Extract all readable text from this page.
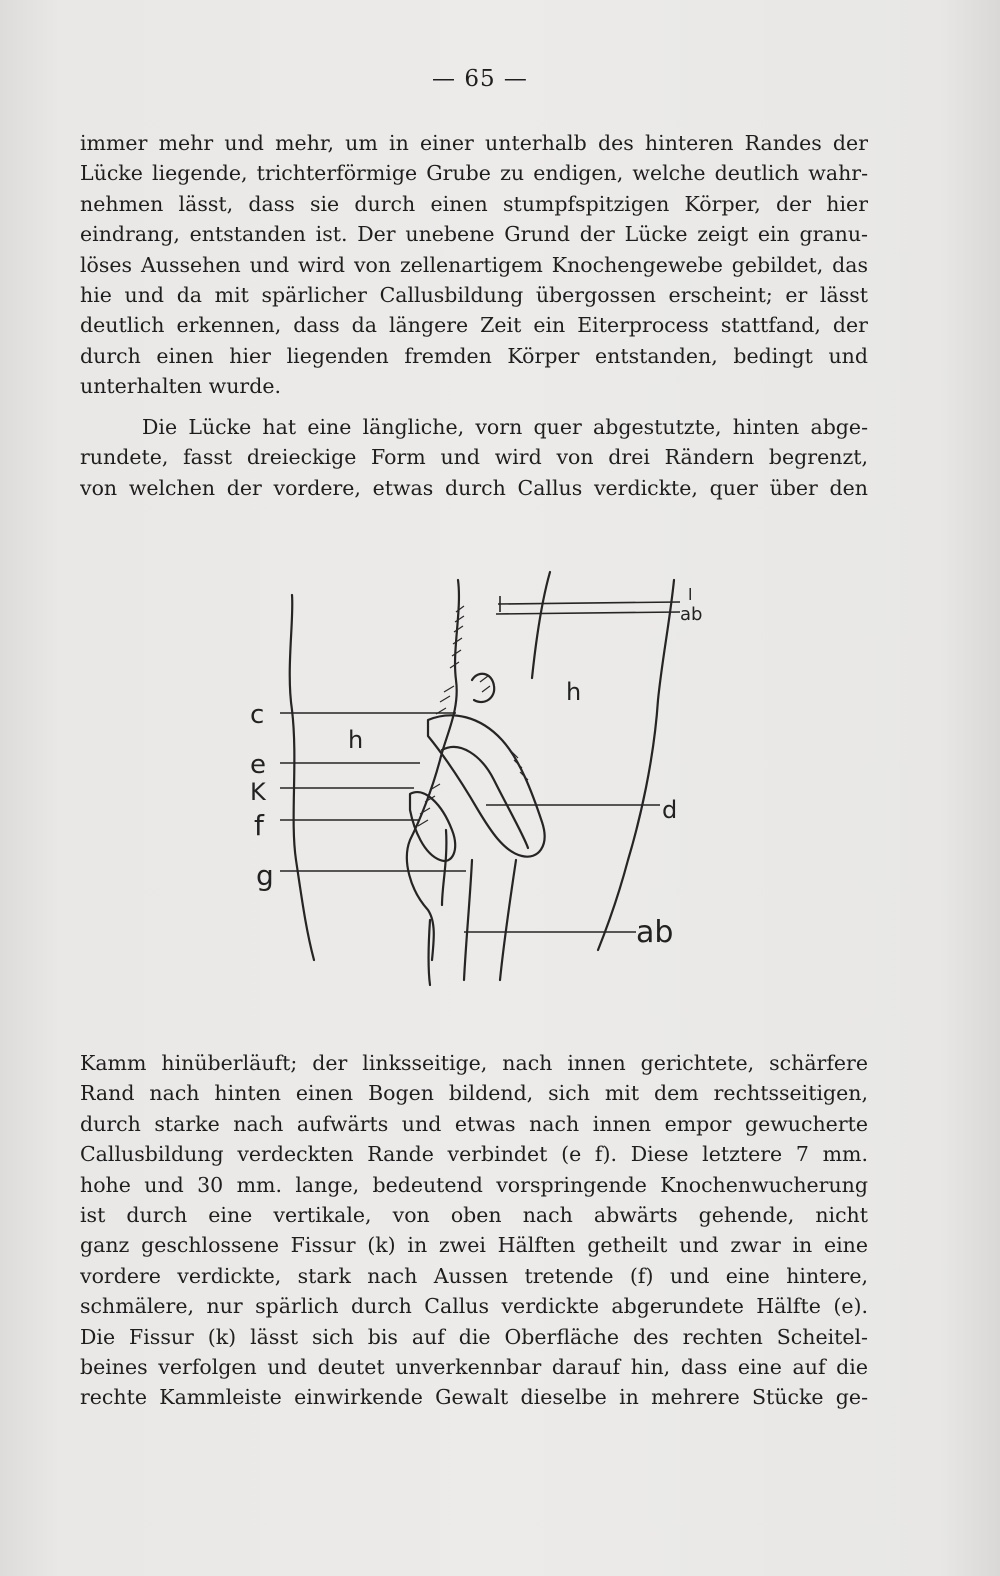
— 65 —
immer mehr und mehr, um in einer unterhalb des hinteren Randes der
Lücke liegende, trichterförmige Grube zu endigen, welche deutlich wahr-
nehmen lässt, dass sie durch einen stumpfspitzigen Körper, der hier
eindrang, entstanden ist. Der unebene Grund der Lücke zeigt ein granu-
löses Aussehen und wird von zellenartigem Knochengewebe gebildet, das
hie und da mit spärlicher Callusbildung übergossen erscheint; er lässt
deutlich erkennen, dass da längere Zeit ein Eiterprocess stattfand, der
durch einen hier liegenden fremden Körper entstanden, bedingt und
unterhalten wurde.
Die Lücke hat eine längliche, vorn quer abgestutzte, hinten abge-
rundete, fasst dreieckige Form und wird von drei Rändern begrenzt,
von welchen der vordere, etwas durch Callus verdickte, quer über den
c
e
K
f
g
h
h
l
ab
d
ab
Kamm hinüberläuft; der linksseitige, nach innen gerichtete, schärfere
Rand nach hinten einen Bogen bildend, sich mit dem rechtsseitigen,
durch starke nach aufwärts und etwas nach innen empor gewucherte
Callusbildung verdeckten Rande verbindet (e f). Diese letztere 7 mm.
hohe und 30 mm. lange, bedeutend vorspringende Knochenwucherung
ist durch eine vertikale, von oben nach abwärts gehende, nicht
ganz geschlossene Fissur (k) in zwei Hälften getheilt und zwar in eine
vordere verdickte, stark nach Aussen tretende (f) und eine hintere,
schmälere, nur spärlich durch Callus verdickte abgerundete Hälfte (e).
Die Fissur (k) lässt sich bis auf die Oberfläche des rechten Scheitel-
beines verfolgen und deutet unverkennbar darauf hin, dass eine auf die
rechte Kammleiste einwirkende Gewalt dieselbe in mehrere Stücke ge-
